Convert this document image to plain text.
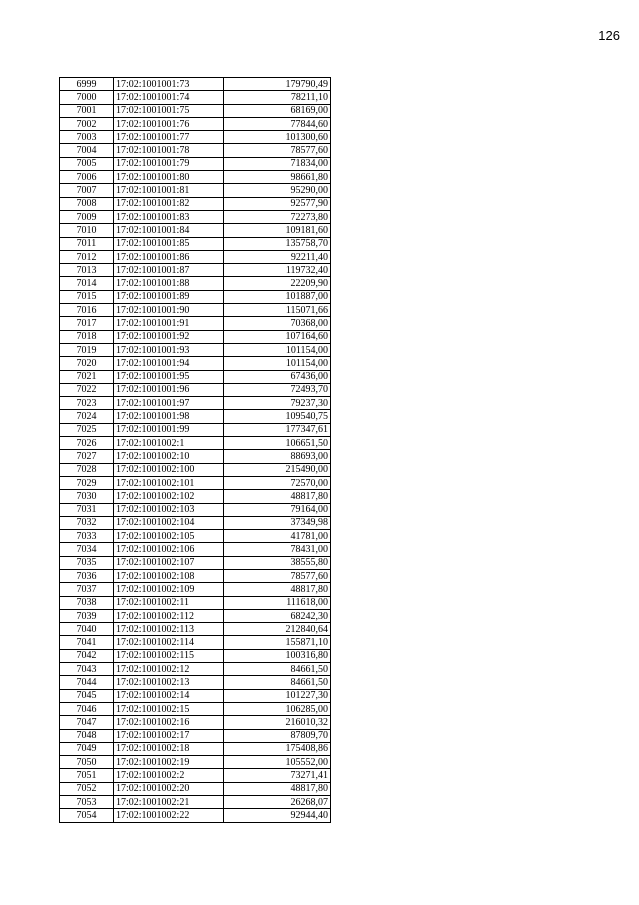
126
6999	17:02:1001001:73	179790,49
7000	17:02:1001001:74	78211,10
7001	17:02:1001001:75	68169,00
7002	17:02:1001001:76	77844,60
7003	17:02:1001001:77	101300,60
7004	17:02:1001001:78	78577,60
7005	17:02:1001001:79	71834,00
7006	17:02:1001001:80	98661,80
7007	17:02:1001001:81	95290,00
7008	17:02:1001001:82	92577,90
7009	17:02:1001001:83	72273,80
7010	17:02:1001001:84	109181,60
7011	17:02:1001001:85	135758,70
7012	17:02:1001001:86	92211,40
7013	17:02:1001001:87	119732,40
7014	17:02:1001001:88	22209,90
7015	17:02:1001001:89	101887,00
7016	17:02:1001001:90	115071,66
7017	17:02:1001001:91	70368,00
7018	17:02:1001001:92	107164,60
7019	17:02:1001001:93	101154,00
7020	17:02:1001001:94	101154,00
7021	17:02:1001001:95	67436,00
7022	17:02:1001001:96	72493,70
7023	17:02:1001001:97	79237,30
7024	17:02:1001001:98	109540,75
7025	17:02:1001001:99	177347,61
7026	17:02:1001002:1	106651,50
7027	17:02:1001002:10	88693,00
7028	17:02:1001002:100	215490,00
7029	17:02:1001002:101	72570,00
7030	17:02:1001002:102	48817,80
7031	17:02:1001002:103	79164,00
7032	17:02:1001002:104	37349,98
7033	17:02:1001002:105	41781,00
7034	17:02:1001002:106	78431,00
7035	17:02:1001002:107	38555,80
7036	17:02:1001002:108	78577,60
7037	17:02:1001002:109	48817,80
7038	17:02:1001002:11	111618,00
7039	17:02:1001002:112	68242,30
7040	17:02:1001002:113	212840,64
7041	17:02:1001002:114	155871,10
7042	17:02:1001002:115	100316,80
7043	17:02:1001002:12	84661,50
7044	17:02:1001002:13	84661,50
7045	17:02:1001002:14	101227,30
7046	17:02:1001002:15	106285,00
7047	17:02:1001002:16	216010,32
7048	17:02:1001002:17	87809,70
7049	17:02:1001002:18	175408,86
7050	17:02:1001002:19	105552,00
7051	17:02:1001002:2	73271,41
7052	17:02:1001002:20	48817,80
7053	17:02:1001002:21	26268,07
7054	17:02:1001002:22	92944,40
